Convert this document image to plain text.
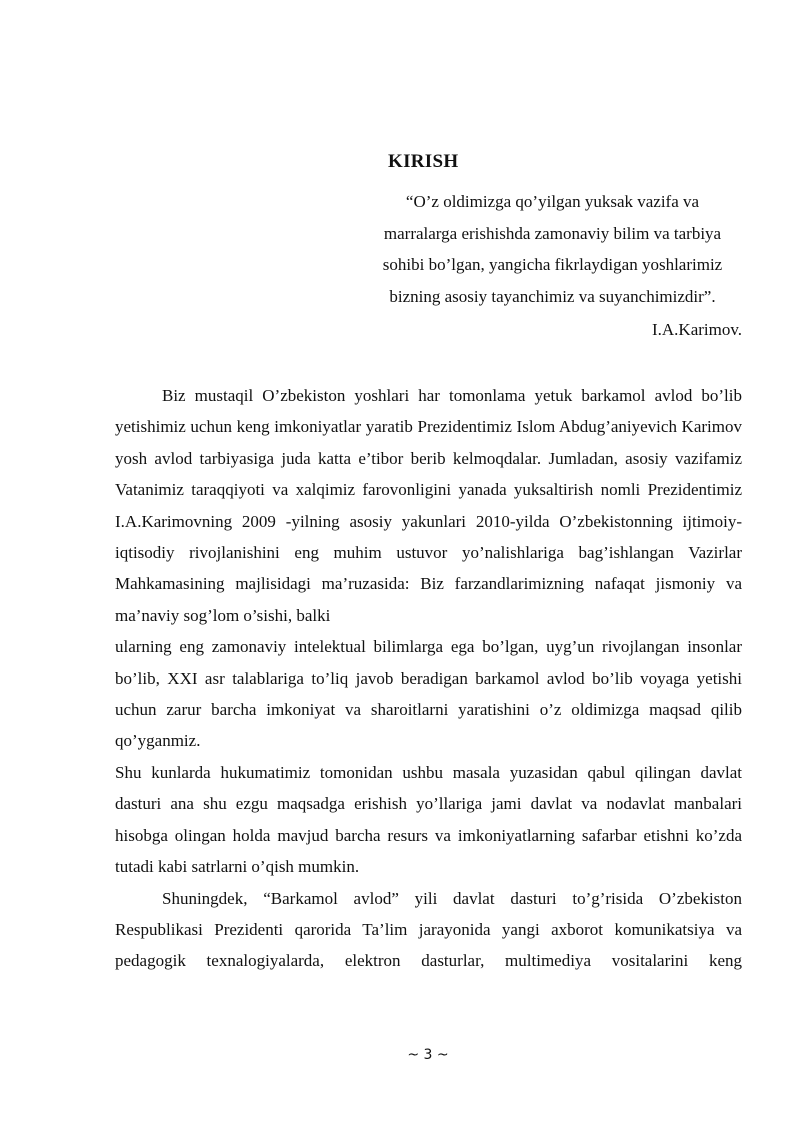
KIRISH
“O’z oldimizga qo’yilgan yuksak vazifa va
marralarga erishishda zamonaviy bilim va tarbiya
sohibi bo’lgan, yangicha fikrlaydigan yoshlarimiz
bizning asosiy tayanchimiz va suyanchimizdir”.
I.A.Karimov.

Biz mustaqil O’zbekiston yoshlari har tomonlama yetuk barkamol avlod bo’lib yetishimiz uchun keng imkoniyatlar yaratib Prezidentimiz Islom Abdug’aniyevich Karimov yosh avlod tarbiyasiga juda katta e’tibor berib kelmoqdalar. Jumladan, asosiy vazifamiz Vatanimiz taraqqiyoti va xalqimiz farovonligini yanada yuksaltirish nomli Prezidentimiz I.A.Karimovning 2009 -yilning asosiy yakunlari 2010-yilda O’zbekistonning ijtimoiy-iqtisodiy rivojlanishini eng muhim ustuvor yo’nalishlariga bag’ishlangan Vazirlar Mahkamasining majlisidagi ma’ruzasida: Biz farzandlarimizning nafaqat jismoniy va ma’naviy sog’lom o’sishi, balki

ularning eng zamonaviy intelektual bilimlarga ega bo’lgan, uyg’un rivojlangan insonlar bo’lib, XXI asr talablariga to’liq javob beradigan barkamol avlod bo’lib voyaga yetishi uchun zarur barcha imkoniyat va sharoitlarni yaratishini o’z oldimizga maqsad qilib qo’yganmiz.

Shu kunlarda hukumatimiz tomonidan ushbu masala yuzasidan qabul qilingan davlat dasturi ana shu ezgu maqsadga erishish yo’llariga jami davlat va nodavlat manbalari hisobga olingan holda mavjud barcha resurs va imkoniyatlarning safarbar etishni ko’zda tutadi kabi satrlarni o’qish mumkin.

Shuningdek, “Barkamol avlod” yili davlat dasturi to’g’risida O’zbekiston Respublikasi Prezidenti qarorida Ta’lim jarayonida yangi axborot komunikatsiya va pedagogik texnalogiyalarda, elektron dasturlar, multimediya vositalarini keng

~ 3 ~
